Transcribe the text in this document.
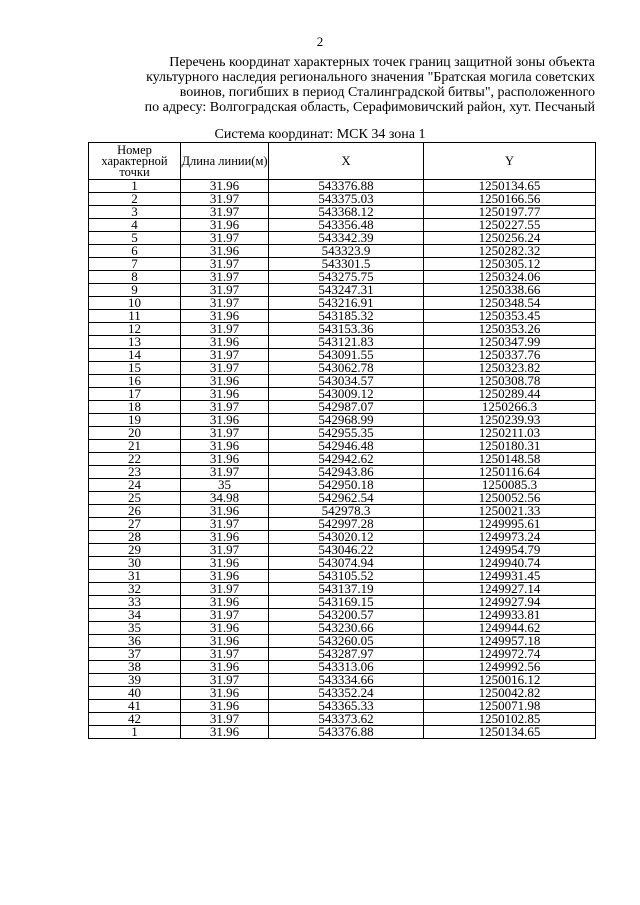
2
Перечень координат характерных точек границ защитной зоны объекта
культурного наследия регионального значения "Братская могила советских
воинов, погибших в период Сталинградской битвы", расположенного
по адресу: Волгоградская область, Серафимовичский район, хут. Песчаный
Система координат: МСК 34 зона 1
Номер характерной точки	Длина линии(м)	X	Y
1	31.96	543376.88	1250134.65
2	31.97	543375.03	1250166.56
3	31.97	543368.12	1250197.77
4	31.96	543356.48	1250227.55
5	31.97	543342.39	1250256.24
6	31.96	543323.9	1250282.32
7	31.97	543301.5	1250305.12
8	31.97	543275.75	1250324.06
9	31.97	543247.31	1250338.66
10	31.97	543216.91	1250348.54
11	31.96	543185.32	1250353.45
12	31.97	543153.36	1250353.26
13	31.96	543121.83	1250347.99
14	31.97	543091.55	1250337.76
15	31.97	543062.78	1250323.82
16	31.96	543034.57	1250308.78
17	31.96	543009.12	1250289.44
18	31.97	542987.07	1250266.3
19	31.96	542968.99	1250239.93
20	31.97	542955.35	1250211.03
21	31.96	542946.48	1250180.31
22	31.96	542942.62	1250148.58
23	31.97	542943.86	1250116.64
24	35	542950.18	1250085.3
25	34.98	542962.54	1250052.56
26	31.96	542978.3	1250021.33
27	31.97	542997.28	1249995.61
28	31.96	543020.12	1249973.24
29	31.97	543046.22	1249954.79
30	31.96	543074.94	1249940.74
31	31.96	543105.52	1249931.45
32	31.97	543137.19	1249927.14
33	31.96	543169.15	1249927.94
34	31.97	543200.57	1249933.81
35	31.96	543230.66	1249944.62
36	31.96	543260.05	1249957.18
37	31.97	543287.97	1249972.74
38	31.96	543313.06	1249992.56
39	31.97	543334.66	1250016.12
40	31.96	543352.24	1250042.82
41	31.96	543365.33	1250071.98
42	31.97	543373.62	1250102.85
1	31.96	543376.88	1250134.65
